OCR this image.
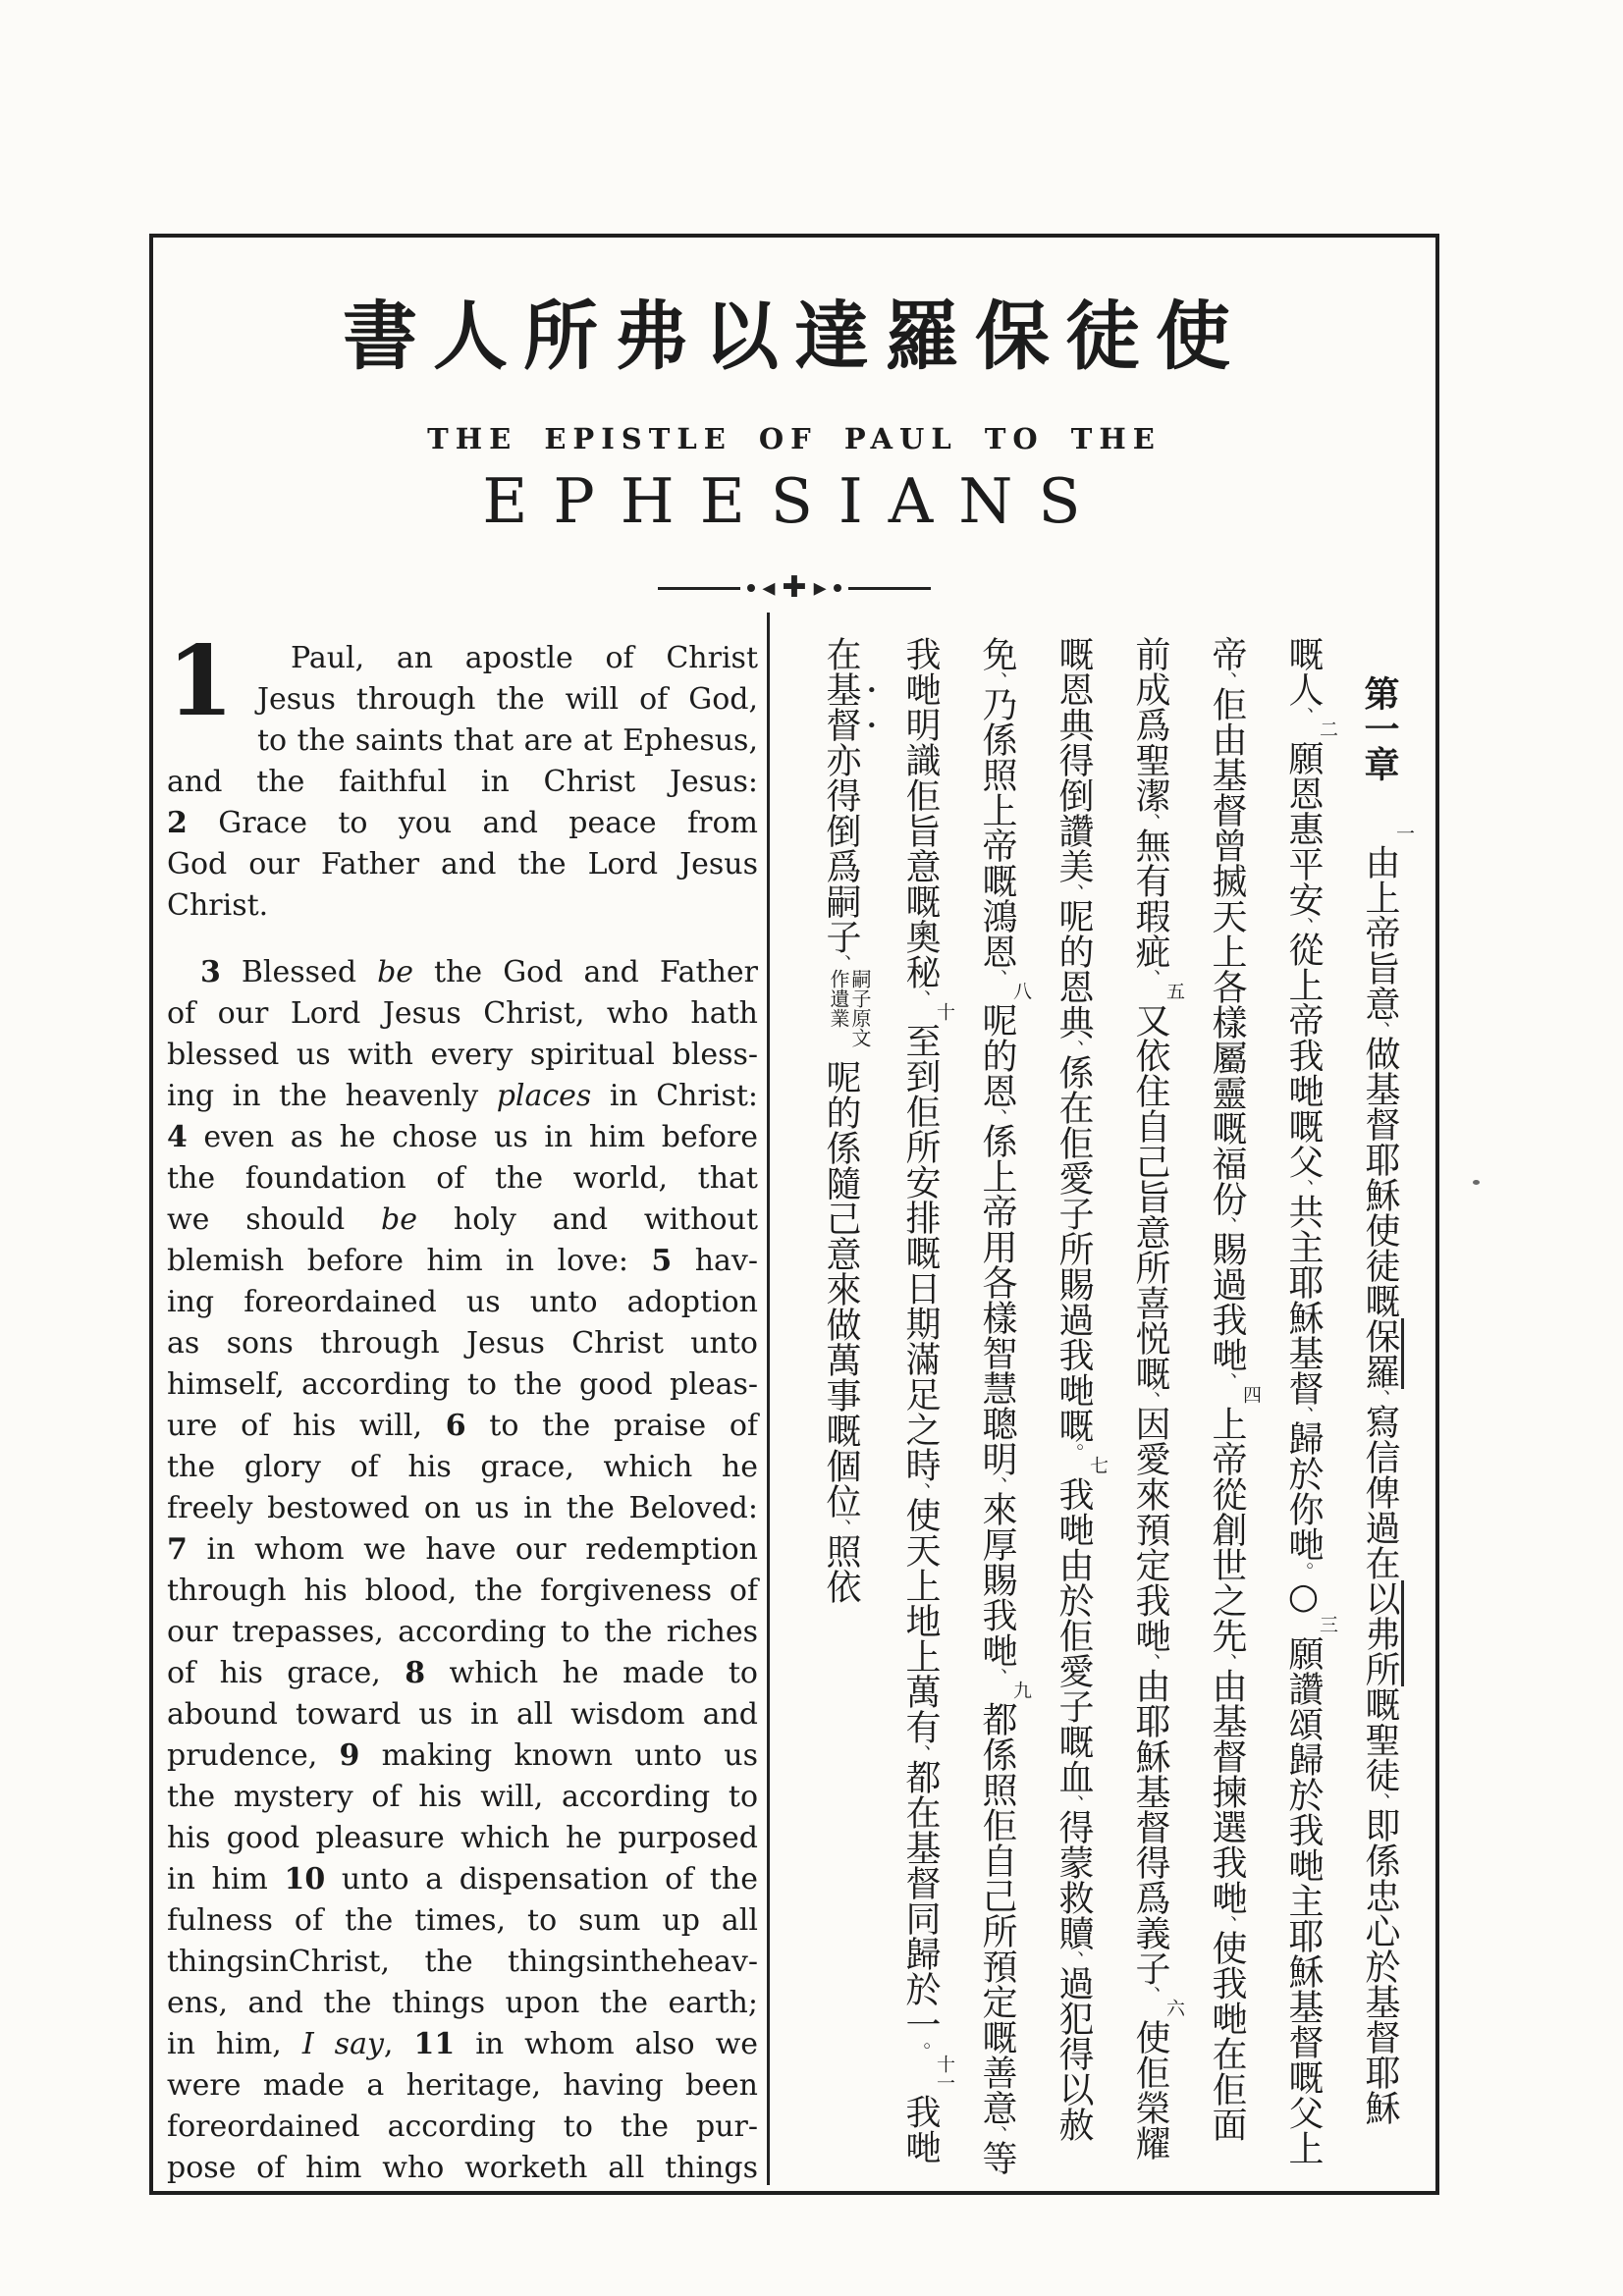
書人所弗以達羅保徒使
THE EPISTLE OF PAUL TO THE
EPHESIANS
◂ ✚ ▸
1	Paul, an apostle of Christ
Jesus through the will of God,
to the saints that are at Ephesus,
and the faithful in Christ Jesus:
2 Grace to you and peace from
God our Father and the Lord Jesus
Christ.
3 Blessed be the God and Father
of our Lord Jesus Christ, who hath
blessed us with every spiritual bless-
ing in the heavenly places in Christ:
4 even as he chose us in him before
the foundation of the world, that
we should be holy and without
blemish before him in love: 5 hav-
ing foreordained us unto adoption
as sons through Jesus Christ unto
himself, according to the good pleas-
ure of his will, 6 to the praise of
the glory of his grace, which he
freely bestowed on us in the Beloved:
7 in whom we have our redemption
through his blood, the forgiveness of
our trepasses, according to the riches
of his grace, 8 which he made to
abound toward us in all wisdom and
prudence, 9 making known unto us
the mystery of his will, according to
his good pleasure which he purposed
in him 10 unto a dispensation of the
fulness of the times, to sum up all
thingsinChrist, the thingsintheheav-
ens, and the things upon the earth;
in him, I say, 11 in whom also we
were made a heritage, having been
foreordained according to the pur-
pose of him who worketh all things
第一章一由上帝旨意、做基督耶穌使徒嘅保羅、寫信俾過在以弗所嘅聖徒、即係忠心於基督耶穌
嘅人、二願恩惠平安、從上帝我哋嘅父、共主耶穌基督、歸於你哋。○三願讚頌歸於我哋主耶穌基督嘅父上
帝、佢由基督曾搣天上各樣屬靈嘅福份、賜過我哋、四上帝從創世之先、由基督揀選我哋、使我哋在佢面
前成爲聖潔、無有瑕疵、五又依住自己旨意所喜悦嘅、因愛來預定我哋、由耶穌基督得爲義子、六使佢榮耀
嘅恩典得倒讚美、呢的恩典、係在佢愛子所賜過我哋嘅。七我哋由於佢愛子嘅血、得蒙救贖、過犯得以赦
免、乃係照上帝嘅鴻恩、八呢的恩、係上帝用各樣智慧聰明、來厚賜我哋、九都係照佢自己所預定嘅善意、等
我哋明識佢旨意嘅奧秘、十至到佢所安排嘅日期滿足之時、使天上地上萬有、都在基督同歸於一。十一我哋
在基督亦得倒爲嗣子、嗣子原文作遺業呢的係隨己意來做萬事嘅個位、照依
